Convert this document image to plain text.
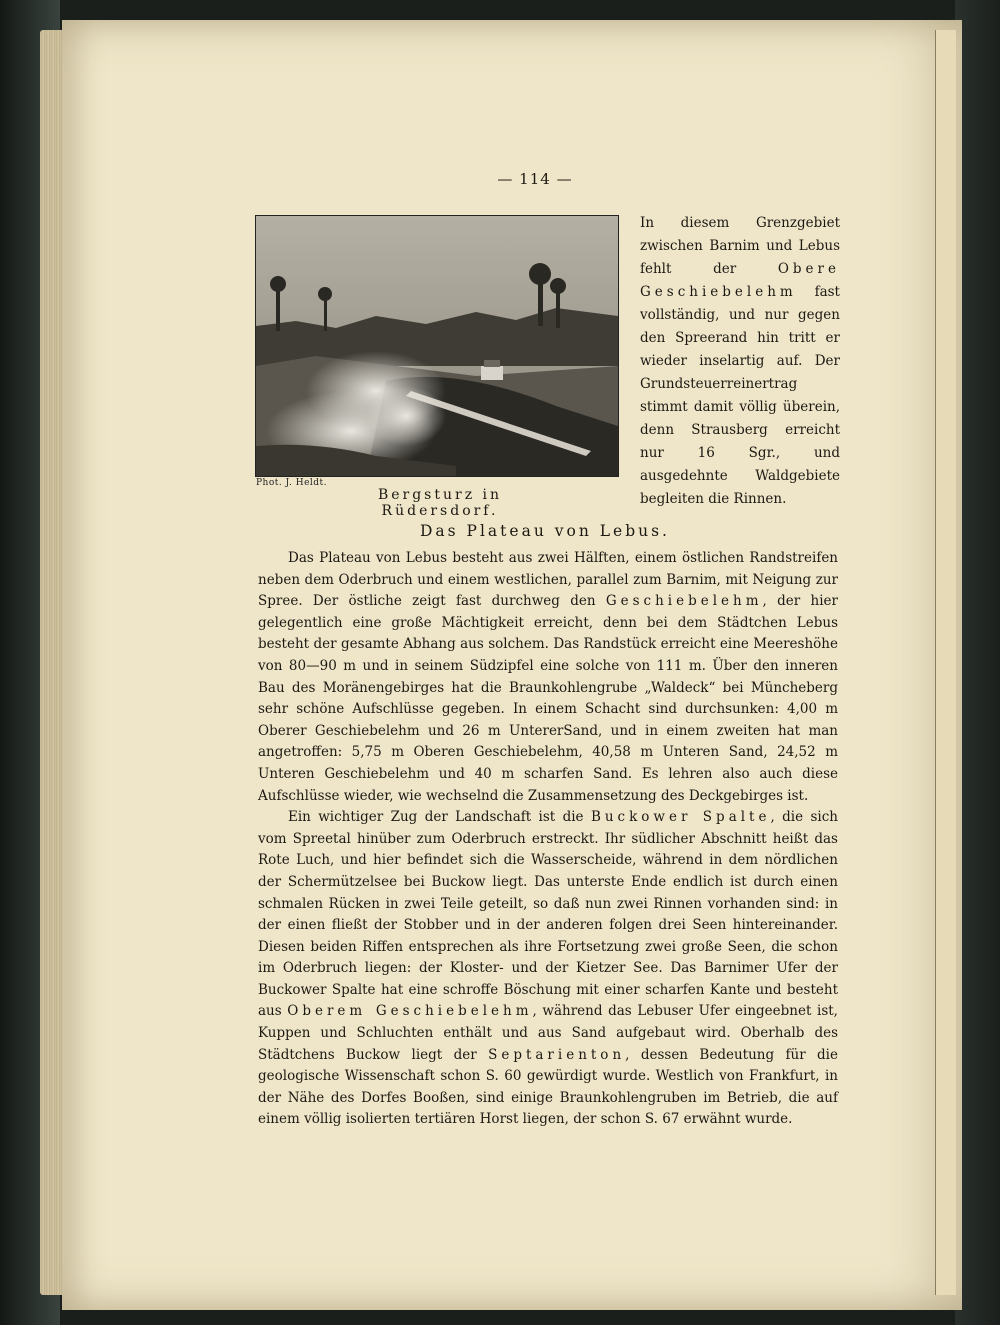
— 114 —
Phot. J. Heldt.
Bergsturz in Rüdersdorf.
In diesem Grenzgebiet zwischen Barnim und Lebus fehlt der Obere Geschiebelehm fast vollständig, und nur gegen den Spreerand hin tritt er wieder inselartig auf. Der Grundsteuerreinertrag stimmt damit völlig überein, denn Strausberg erreicht nur 16 Sgr., und ausgedehnte Waldgebiete begleiten die Rinnen.
Das Plateau von Lebus.

Das Plateau von Lebus besteht aus zwei Hälften, einem östlichen Randstreifen neben dem Oderbruch und einem westlichen, parallel zum Barnim, mit Neigung zur Spree. Der östliche zeigt fast durchweg den Geschiebelehm, der hier gelegentlich eine große Mächtigkeit erreicht, denn bei dem Städtchen Lebus besteht der gesamte Abhang aus solchem. Das Randstück erreicht eine Meereshöhe von 80—90 m und in seinem Südzipfel eine solche von 111 m. Über den inneren Bau des Moränengebirges hat die Braunkohlengrube „Waldeck“ bei Müncheberg sehr schöne Aufschlüsse gegeben. In einem Schacht sind durchsunken: 4,00 m Oberer Geschiebelehm und 26 m UntererSand, und in einem zweiten hat man angetroffen: 5,75 m Oberen Geschiebelehm, 40,58 m Unteren Sand, 24,52 m Unteren Geschiebelehm und 40 m scharfen Sand. Es lehren also auch diese Aufschlüsse wieder, wie wechselnd die Zusammensetzung des Deckgebirges ist.

Ein wichtiger Zug der Landschaft ist die Buckower Spalte, die sich vom Spreetal hinüber zum Oderbruch erstreckt. Ihr südlicher Abschnitt heißt das Rote Luch, und hier befindet sich die Wasserscheide, während in dem nördlichen der Schermützelsee bei Buckow liegt. Das unterste Ende endlich ist durch einen schmalen Rücken in zwei Teile geteilt, so daß nun zwei Rinnen vorhanden sind: in der einen fließt der Stobber und in der anderen folgen drei Seen hintereinander. Diesen beiden Riffen entsprechen als ihre Fortsetzung zwei große Seen, die schon im Oderbruch liegen: der Kloster- und der Kietzer See. Das Barnimer Ufer der Buckower Spalte hat eine schroffe Böschung mit einer scharfen Kante und besteht aus Oberem Geschiebelehm, während das Lebuser Ufer eingeebnet ist, Kuppen und Schluchten enthält und aus Sand aufgebaut wird. Oberhalb des Städtchens Buckow liegt der Septarienton, dessen Bedeutung für die geologische Wissenschaft schon S. 60 gewürdigt wurde. Westlich von Frankfurt, in der Nähe des Dorfes Booßen, sind einige Braunkohlengruben im Betrieb, die auf einem völlig isolierten tertiären Horst liegen, der schon S. 67 erwähnt wurde.
